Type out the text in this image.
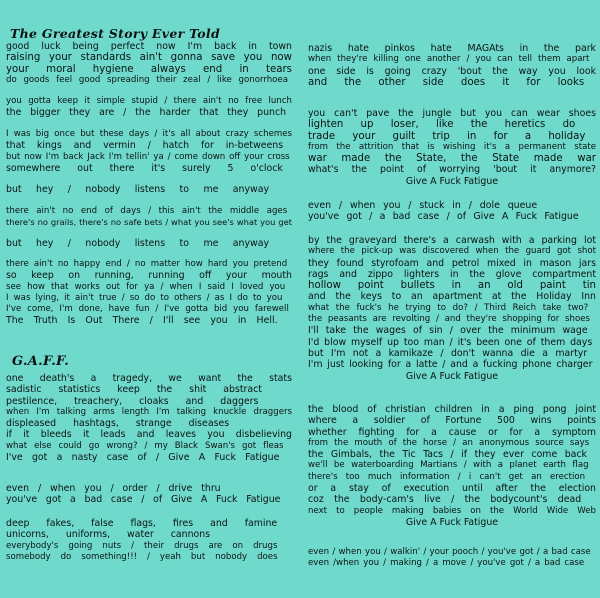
The Greatest Story Ever Told
good luck being perfect now I'm back in town
raising your standards ain't gonna save you now
your moral hygiene always end in tears
do goods feel good spreading their zeal / like gonorrhoea
you gotta keep it simple stupid / there ain't no free lunch
the bigger they are / the harder that they punch
I was big once but these days / it's all about crazy schemes
that kings and vermin / hatch for in-betweens
but now I'm back Jack I'm tellin' ya / come down off your cross
somewhere out there it's surely 5 o'clock
but hey / nobody listens to me anyway
there ain't no end of days / this ain't the middle ages
there's no grails, there's no safe bets / what you see's what you get
but hey / nobody listens to me anyway
there ain't no happy end / no matter how hard you pretend
so keep on running, running off your mouth
see how that works out for ya / when I said I loved you
I was lying, it ain't true / so do to others / as I do to you
I've come, I'm done, have fun / I've gotta bid you farewell
The Truth Is Out There / I'll see you in Hell.
G.A.F.F.
one death's a tragedy, we want the stats
sadistic statistics keep the shit abstract
pestilence, treachery, cloaks and daggers
when I'm talking arms length I'm talking knuckle draggers
displeased hashtags, strange diseases
if it bleeds it leads and leaves you disbelieving
what else could go wrong? / my Black Swan's got fleas
I've got a nasty case of / Give A Fuck Fatigue
even / when you / order / drive thru
you've got a bad case / of Give A Fuck Fatigue
deep fakes, false flags, fires and famine
unicorns, uniforms, water cannons
everybody's going nuts / their drugs are on drugs
somebody do something!!! / yeah but nobody does
nazis hate pinkos hate MAGAts in the park
when they're killing one another / you can tell them apart
one side is going crazy 'bout the way you look
and the other side does it for looks
you can't pave the jungle but you can wear shoes
lighten up loser, like the heretics do
trade your guilt trip in for a holiday
from the attrition that is wishing it's a permanent state
war made the State, the State made war
what's the point of worrying 'bout it anymore?
Give A Fuck Fatigue
even / when you / stuck in / dole queue
you've got / a bad case / of Give A Fuck Fatigue
by the graveyard there's a carwash with a parking lot
where the pick-up was discovered when the guard got shot
they found styrofoam and petrol mixed in mason jars
rags and zippo lighters in the glove compartment
hollow point bullets in an old paint tin
and the keys to an apartment at the Holiday Inn
what the fuck's he trying to do? / Third Reich take two?
the peasants are revolting / and they're shopping for shoes
I'll take the wages of sin / over the minimum wage
I'd blow myself up too man / it's been one of them days
but I'm not a kamikaze / don't wanna die a martyr
I'm just looking for a latte / and a fucking phone charger
Give A Fuck Fatigue
the blood of christian children in a ping pong joint
where a soldier of Fortune 500 wins points
whether fighting for a cause or for a symptom
from the mouth of the horse / an anonymous source says
the Gimbals, the Tic Tacs / if they ever come back
we'll be waterboarding Martians / with a planet earth flag
there's too much information / i can't get an erection
or a stay of execution until after the election
coz the body-cam's live / the bodycount's dead
next to people making babies on the World Wide Web
Give A Fuck Fatigue
even / when you / walkin' / your pooch / you've got / a bad case
even /when you / making / a move / you've got / a bad case
